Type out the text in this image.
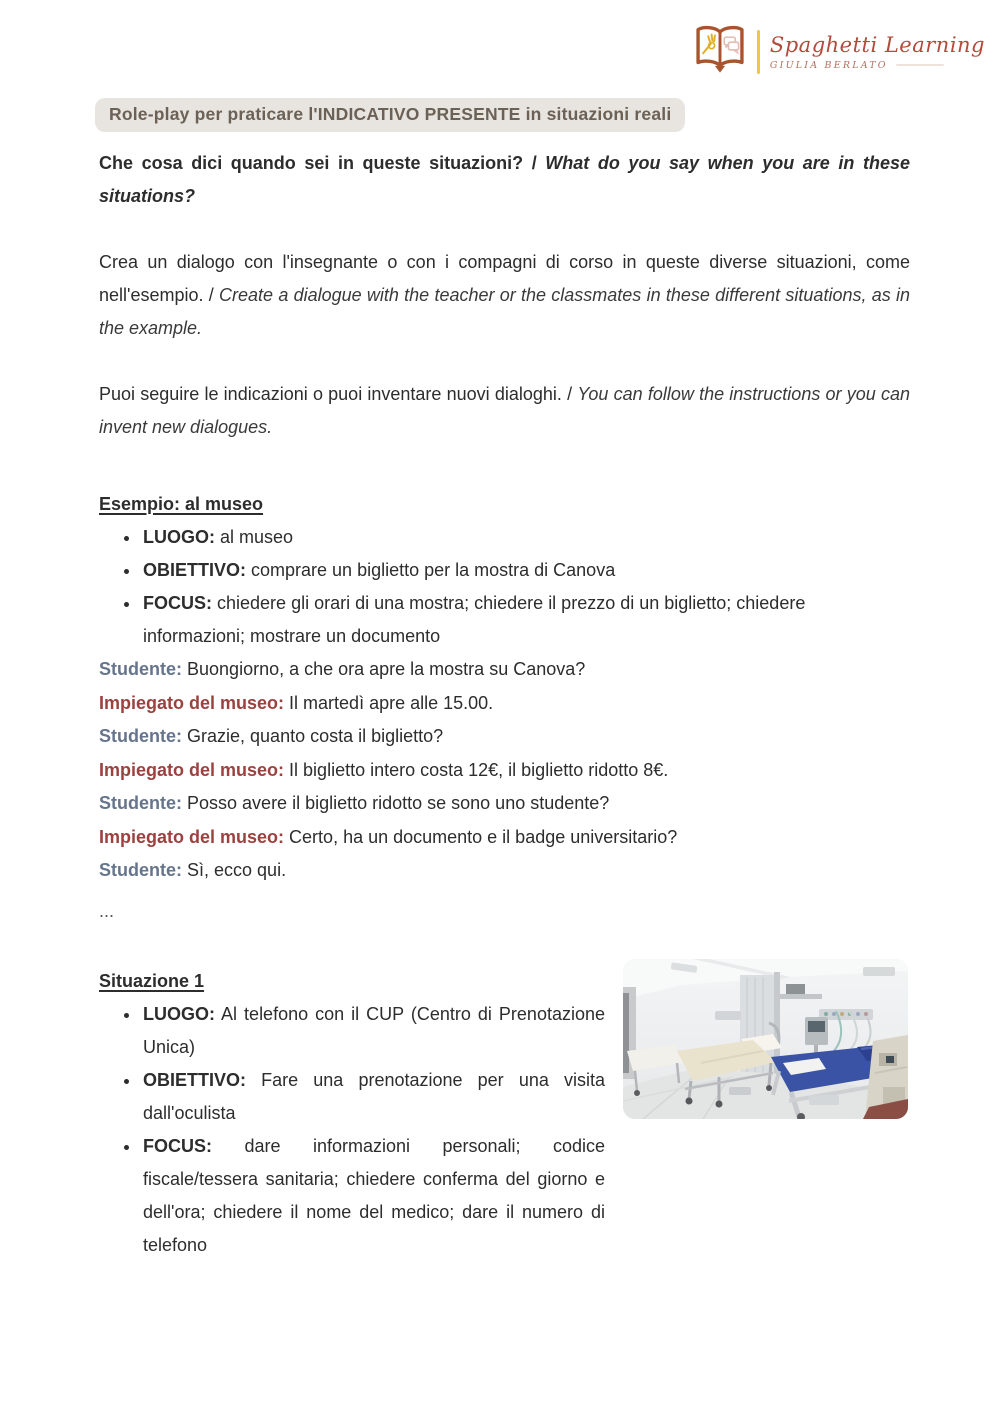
Spaghetti Learning
GIULIA BERLATO
Role-play per praticare l'INDICATIVO PRESENTE in situazioni reali

Che cosa dici quando sei in queste situazioni? / What do you say when you are in these situations?

Crea un dialogo con l'insegnante o con i compagni di corso in queste diverse situazioni, come nell'esempio. / Create a dialogue with the teacher or the classmates in these different situations, as in the example.

Puoi seguire le indicazioni o puoi inventare nuovi dialoghi. / You can follow the instructions or you can invent new dialogues.

Esempio: al museo
• LUOGO: al museo
• OBIETTIVO: comprare un biglietto per la mostra di Canova
• FOCUS: chiedere gli orari di una mostra; chiedere il prezzo di un biglietto; chiedere informazioni; mostrare un documento

Studente: Buongiorno, a che ora apre la mostra su Canova?

Impiegato del museo: Il martedì apre alle 15.00.

Studente: Grazie, quanto costa il biglietto?

Impiegato del museo: Il biglietto intero costa 12€, il biglietto ridotto 8€.

Studente: Posso avere il biglietto ridotto se sono uno studente?

Impiegato del museo: Certo, ha un documento e il badge universitario?

Studente: Sì, ecco qui.

...

Situazione 1
• LUOGO: Al telefono con il CUP (Centro di Prenotazione Unica)
• OBIETTIVO: Fare una prenotazione per una visita dall'oculista
• FOCUS: dare informazioni personali; codice fiscale/tessera sanitaria; chiedere conferma del giorno e dell'ora; chiedere il nome del medico; dare il numero di telefono
